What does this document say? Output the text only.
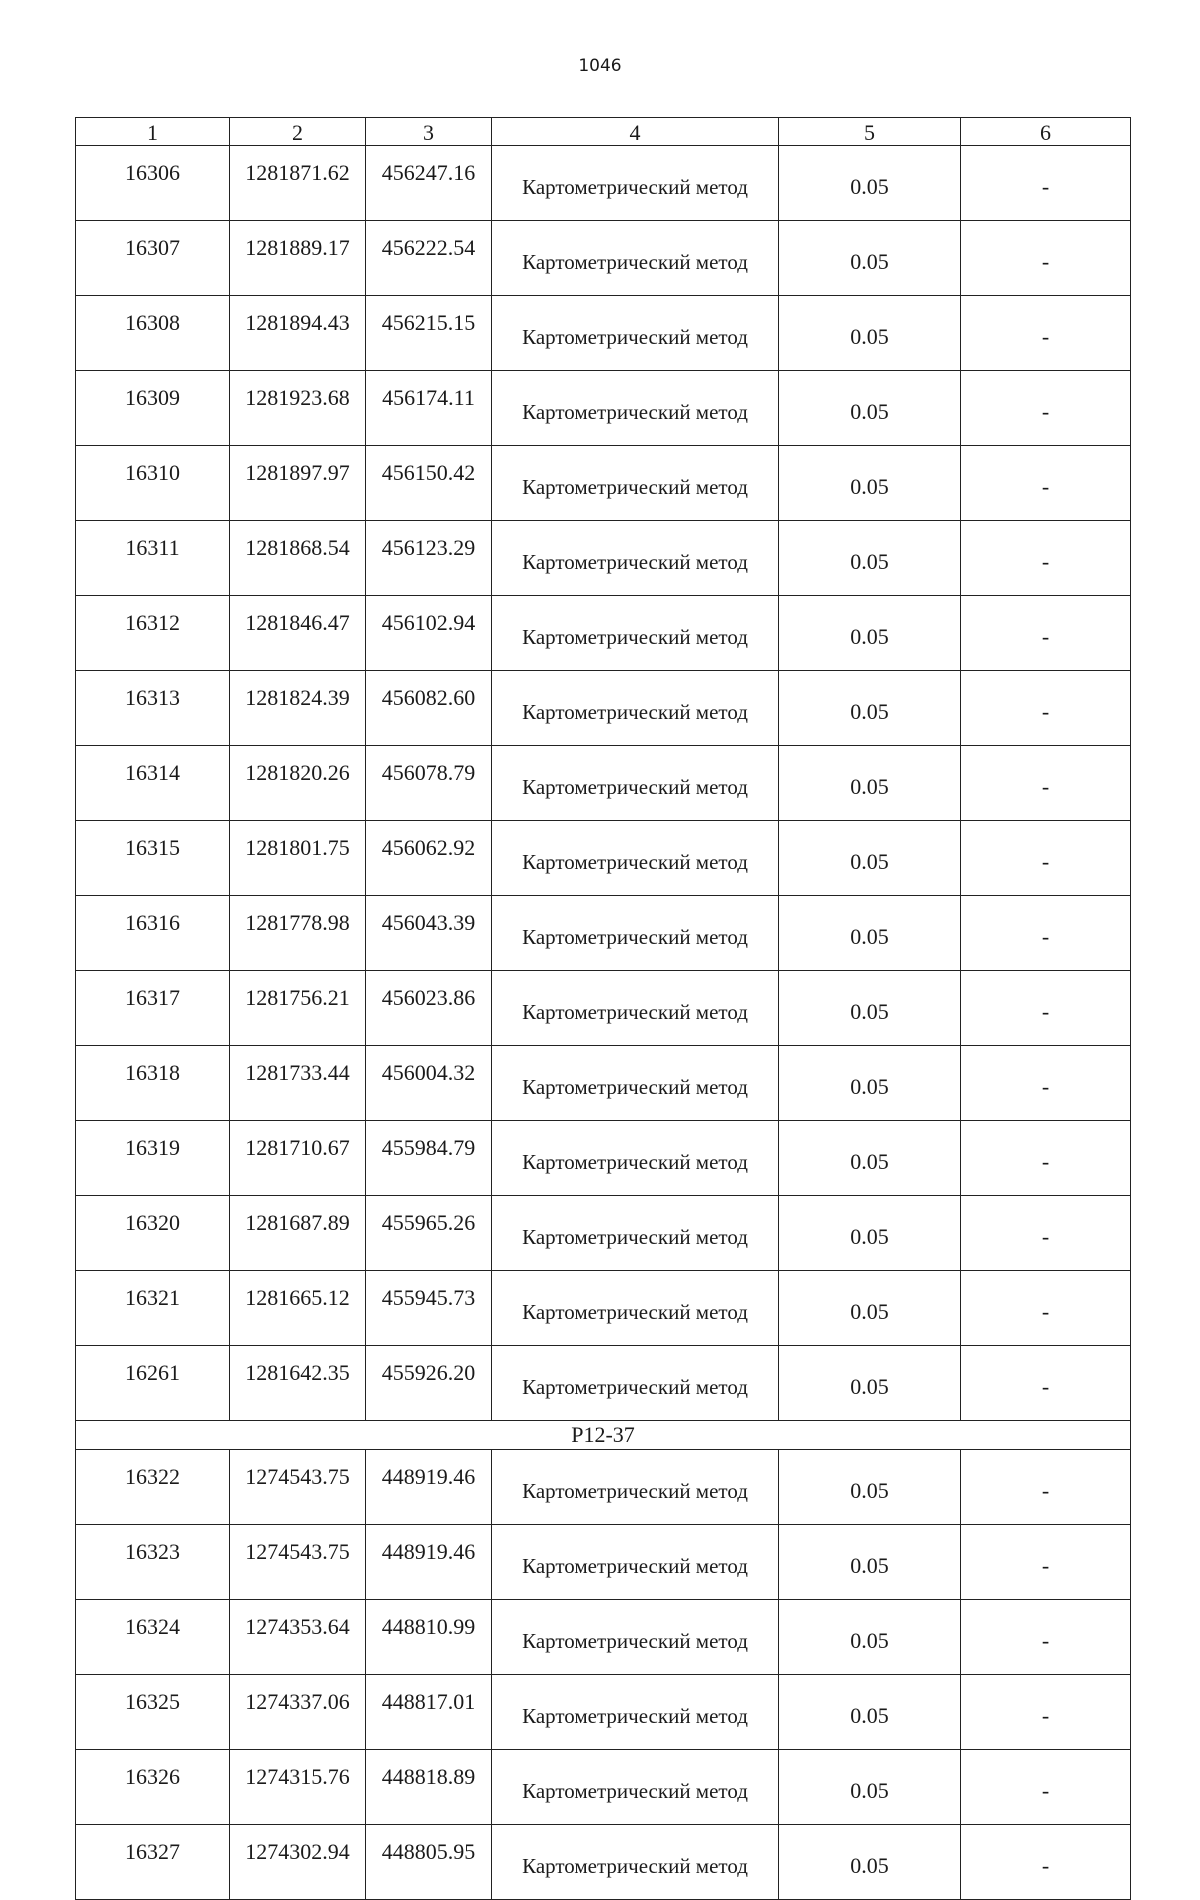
1046
1	2	3	4	5	6
16306	1281871.62	456247.16	Картометрический метод	0.05	-
16307	1281889.17	456222.54	Картометрический метод	0.05	-
16308	1281894.43	456215.15	Картометрический метод	0.05	-
16309	1281923.68	456174.11	Картометрический метод	0.05	-
16310	1281897.97	456150.42	Картометрический метод	0.05	-
16311	1281868.54	456123.29	Картометрический метод	0.05	-
16312	1281846.47	456102.94	Картометрический метод	0.05	-
16313	1281824.39	456082.60	Картометрический метод	0.05	-
16314	1281820.26	456078.79	Картометрический метод	0.05	-
16315	1281801.75	456062.92	Картометрический метод	0.05	-
16316	1281778.98	456043.39	Картометрический метод	0.05	-
16317	1281756.21	456023.86	Картометрический метод	0.05	-
16318	1281733.44	456004.32	Картометрический метод	0.05	-
16319	1281710.67	455984.79	Картометрический метод	0.05	-
16320	1281687.89	455965.26	Картометрический метод	0.05	-
16321	1281665.12	455945.73	Картометрический метод	0.05	-
16261	1281642.35	455926.20	Картометрический метод	0.05	-
Р12-37					
16322	1274543.75	448919.46	Картометрический метод	0.05	-
16323	1274543.75	448919.46	Картометрический метод	0.05	-
16324	1274353.64	448810.99	Картометрический метод	0.05	-
16325	1274337.06	448817.01	Картометрический метод	0.05	-
16326	1274315.76	448818.89	Картометрический метод	0.05	-
16327	1274302.94	448805.95	Картометрический метод	0.05	-
